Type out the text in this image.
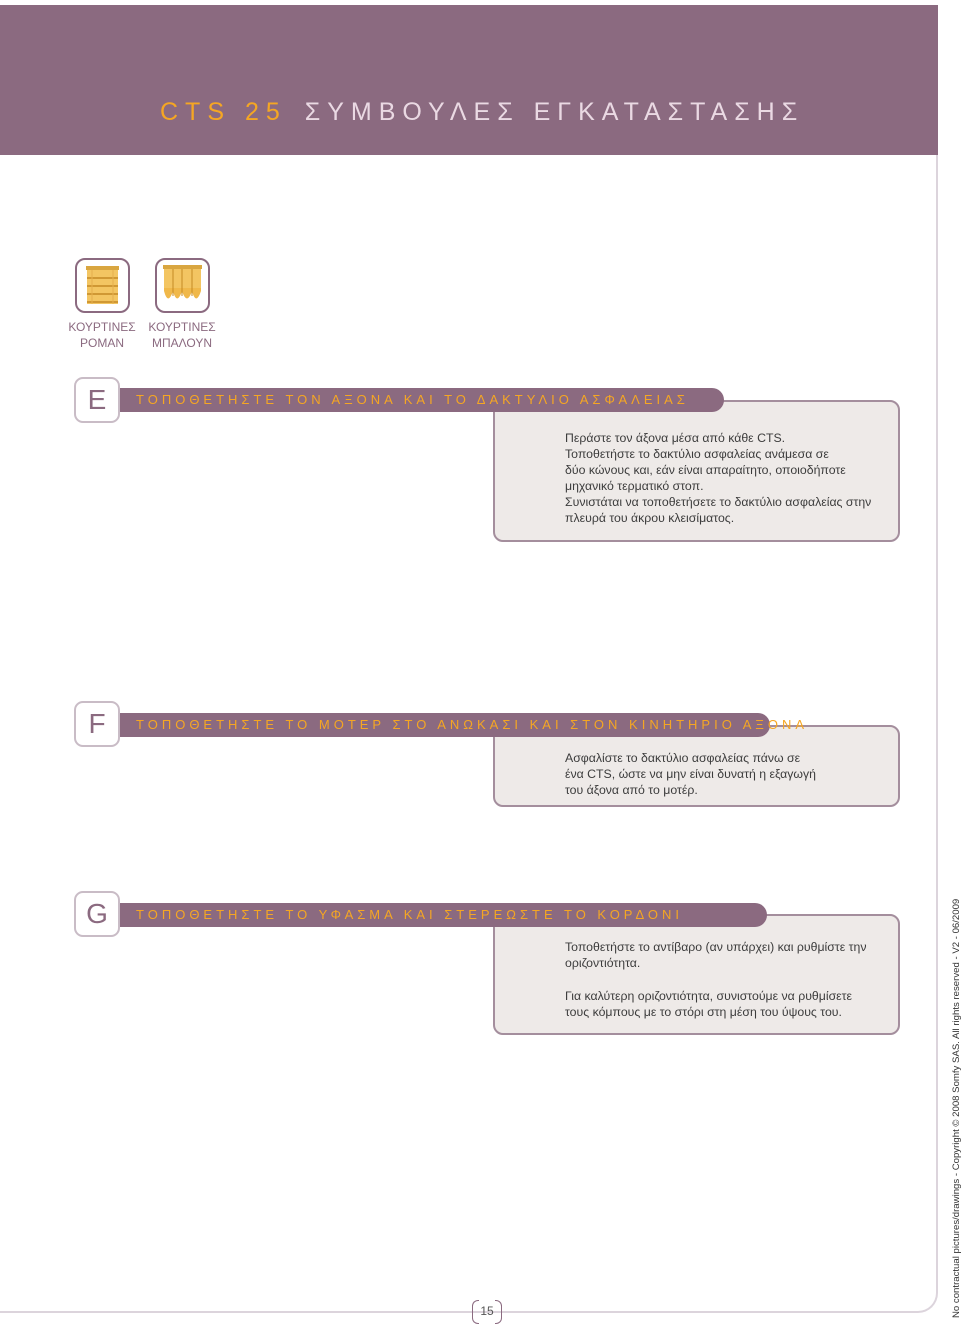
CTS 25 ΣΥΜΒΟΥΛΕΣ ΕΓΚΑΤΑΣΤΑΣΗΣ
ΚΟΥΡΤΙΝΕΣ
ΡΟΜΑΝ
ΚΟΥΡΤΙΝΕΣ
ΜΠΑΛΟΥΝ
ΤΟΠΟΘΕΤΗΣΤΕ ΤΟΝ ΑΞΟΝΑ ΚΑΙ ΤΟ ΔΑΚΤΥΛΙΟ ΑΣΦΑΛΕΙΑΣ
E

Περάστε τον άξονα μέσα από κάθε CTS.

Τοποθετήστε το δακτύλιο ασφαλείας ανάμεσα σε

δύο κώνους και, εάν είναι απαραίτητο, οποιοδήποτε

μηχανικό τερματικό στοπ.

Συνιστάται να τοποθετήσετε το δακτύλιο ασφαλείας στην

πλευρά του άκρου κλεισίματος.

ΤΟΠΟΘΕΤΗΣΤΕ ΤΟ ΜΟΤΕΡ ΣΤΟ ΑΝΩΚΑΣΙ ΚΑΙ ΣΤΟΝ ΚΙΝΗΤΗΡΙΟ ΑΞΟΝΑ
F

Ασφαλίστε το δακτύλιο ασφαλείας πάνω σε

ένα CTS, ώστε να μην είναι δυνατή η εξαγωγή

του άξονα από το μοτέρ.

ΤΟΠΟΘΕΤΗΣΤΕ ΤΟ ΥΦΑΣΜΑ ΚΑΙ ΣΤΕΡΕΩΣΤΕ ΤΟ ΚΟΡΔΟΝΙ
G

Τοποθετήστε το αντίβαρο (αν υπάρχει) και ρυθμίστε την

οριζοντιότητα.

Για καλύτερη οριζοντιότητα, συνιστούμε να ρυθμίσετε

τους κόμπους με το στόρι στη μέση του ύψους του.

15	No contractual pictures/drawings - Copyright © 2008 Somfy SAS. All rights reserved - V2 - 06/2009
